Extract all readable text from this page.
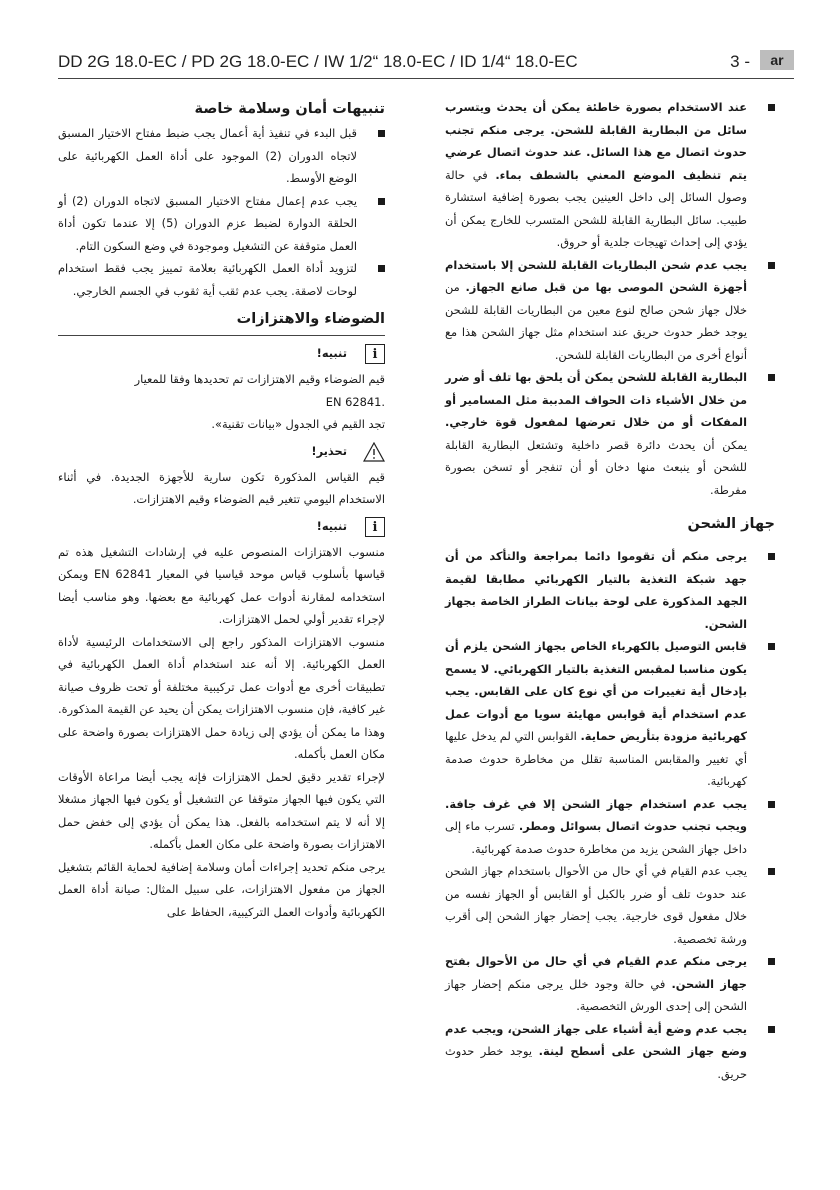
DD 2G 18.0-EC / PD 2G 18.0-EC / IW 1/2“ 18.0-EC / ID 1/4“ 18.0-EC	3 -	ar
عند الاستخدام بصورة خاطئة يمكن أن يحدث ويتسرب سائل من البطارية القابلة للشحن. يرجى منكم تجنب حدوث اتصال مع هذا السائل. عند حدوث اتصال عرضي يتم تنظيف الموضع المعني بالشطف بماء. في حالة وصول السائل إلى داخل العينين يجب بصورة إضافية استشارة طبيب. سائل البطارية القابلة للشحن المتسرب للخارج يمكن أن يؤدي إلى إحداث تهيجات جلدية أو حروق.
يجب عدم شحن البطاريات القابلة للشحن إلا باستخدام أجهزة الشحن الموصى بها من قبل صانع الجهاز. من خلال جهاز شحن صالح لنوع معين من البطاريات القابلة للشحن يوجد خطر حدوث حريق عند استخدام مثل جهاز الشحن هذا مع أنواع أخرى من البطاريات القابلة للشحن.
البطارية القابلة للشحن يمكن أن يلحق بها تلف أو ضرر من خلال الأشياء ذات الحواف المدببة مثل المسامير أو المفكات أو من خلال تعرضها لمفعول قوة خارجي. يمكن أن يحدث دائرة قصر داخلية وتشتعل البطارية القابلة للشحن أو ينبعث منها دخان أو أن تنفجر أو تسخن بصورة مفرطة.
جهاز الشحن
يرجى منكم أن تقوموا دائما بمراجعة والتأكد من أن جهد شبكة التغذية بالتيار الكهربائي مطابقا لقيمة الجهد المذكورة على لوحة بيانات الطراز الخاصة بجهاز الشحن.
قابس التوصيل بالكهرباء الخاص بجهاز الشحن يلزم أن يكون مناسبا لمقبس التغذية بالتيار الكهربائي. لا يسمح بإدخال أية تغييرات من أي نوع كان على القابس. يجب عدم استخدام أية قوابس مهايئة سويا مع أدوات عمل كهربائية مزودة بتأريض حماية. القوابس التي لم يدخل عليها أي تغيير والمقابس المناسبة تقلل من مخاطرة حدوث صدمة كهربائية.
يجب عدم استخدام جهاز الشحن إلا في غرف جافة. ويجب تجنب حدوث اتصال بسوائل ومطر. تسرب ماء إلى داخل جهاز الشحن يزيد من مخاطرة حدوث صدمة كهربائية.
يجب عدم القيام في أي حال من الأحوال باستخدام جهاز الشحن عند حدوث تلف أو ضرر بالكبل أو القابس أو الجهاز نفسه من خلال مفعول قوى خارجية. يجب إحضار جهاز الشحن إلى أقرب ورشة تخصصية.
يرجى منكم عدم القيام في أي حال من الأحوال بفتح جهاز الشحن. في حالة وجود خلل يرجى منكم إحضار جهاز الشحن إلى إحدى الورش التخصصية.
يجب عدم وضع أية أشياء على جهاز الشحن، ويجب عدم وضع جهاز الشحن على أسطح لينة. يوجد خطر حدوث حريق.
تنبيهات أمان وسلامة خاصة
قبل البدء في تنفيذ أية أعمال يجب ضبط مفتاح الاختيار المسبق لاتجاه الدوران (2) الموجود على أداة العمل الكهربائية على الوضع الأوسط.
يجب عدم إعمال مفتاح الاختيار المسبق لاتجاه الدوران (2) أو الحلقة الدوارة لضبط عزم الدوران (5) إلا عندما تكون أداة العمل متوقفة عن التشغيل وموجودة في وضع السكون التام.
لتزويد أداة العمل الكهربائية بعلامة تمييز يجب فقط استخدام لوحات لاصقة. يجب عدم ثقب أية ثقوب في الجسم الخارجي.
الضوضاء والاهتزازات
i
تنبيه!

قيم الضوضاء وقيم الاهتزازات تم تحديدها وفقا للمعيار

.EN 62841

تجد القيم في الجدول «بيانات تقنية».

تحذير!

قيم القياس المذكورة تكون سارية للأجهزة الجديدة. في أثناء الاستخدام اليومي تتغير قيم الضوضاء وقيم الاهتزازات.

i
تنبيه!

منسوب الاهتزازات المنصوص عليه في إرشادات التشغيل هذه تم قياسها بأسلوب قياس موحد قياسيا في المعيار EN 62841 ويمكن استخدامه لمقارنة أدوات عمل كهربائية مع بعضها. وهو مناسب أيضا لإجراء تقدير أولي لحمل الاهتزازات.

منسوب الاهتزازات المذكور راجع إلى الاستخدامات الرئيسية لأداة العمل الكهربائية. إلا أنه عند استخدام أداة العمل الكهربائية في تطبيقات أخرى مع أدوات عمل تركيبية مختلفة أو تحت ظروف صيانة غير كافية، فإن منسوب الاهتزازات يمكن أن يحيد عن القيمة المذكورة. وهذا ما يمكن أن يؤدي إلى زيادة حمل الاهتزازات بصورة واضحة على مكان العمل بأكمله.

لإجراء تقدير دقيق لحمل الاهتزازات فإنه يجب أيضا مراعاة الأوقات التي يكون فيها الجهاز متوقفا عن التشغيل أو يكون فيها الجهاز مشغلا إلا أنه لا يتم استخدامه بالفعل. هذا يمكن أن يؤدي إلى خفض حمل الاهتزازات بصورة واضحة على مكان العمل بأكمله.

يرجى منكم تحديد إجراءات أمان وسلامة إضافية لحماية القائم بتشغيل الجهاز من مفعول الاهتزازات، على سبيل المثال: صيانة أداة العمل الكهربائية وأدوات العمل التركيبية، الحفاظ على
